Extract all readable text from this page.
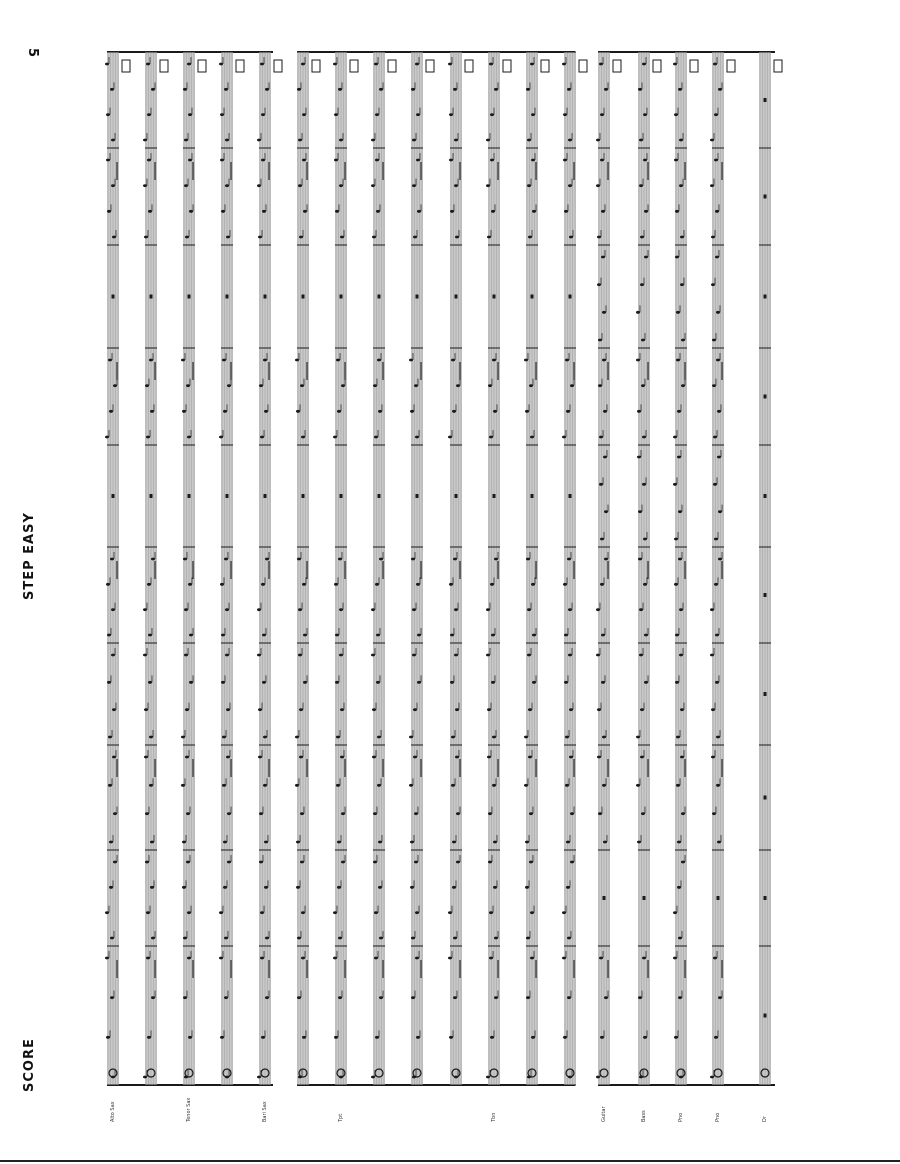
5
STEP EASY
SCORE
Alto Sax	Tenor Sax	Bari Sax	Tpt	Tbn	Guitar	Bass	Pno	Pno	Dr
